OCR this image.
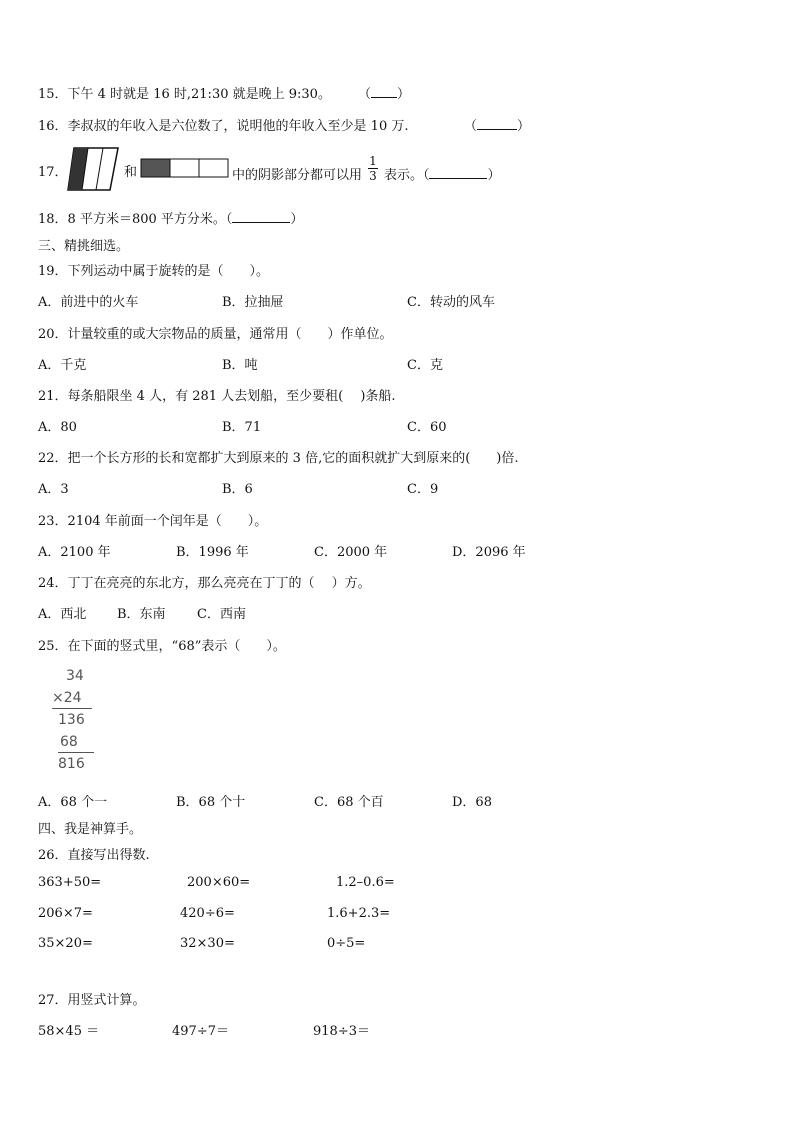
15．下午 4 时就是 16 时,21:30 就是晚上 9:30。 （ ）
16．李叔叔的年收入是六位数了，说明他的年收入至少是 10 万.	（	）
17．	和	中的阴影部分都可以用 $\frac{1}{3}$ 表示。（	）
18．8 平方米＝800 平方分米。（	）
三、精挑细选。
19．下列运动中属于旋转的是（　　）。
A．前进中的火车	B．拉抽屉	C．转动的风车
20．计量较重的或大宗物品的质量，通常用（　　）作单位。
A．千克	B．吨	C．克
21．每条船限坐 4 人，有 281 人去划船，至少要租(　 )条船.
A．80	B．71	C．60
22．把一个长方形的长和宽都扩大到原来的 3 倍,它的面积就扩大到原来的(　　)倍.
A．3	B．6	C．9
23．2104 年前面一个闰年是（　　）。
A．2100 年	B．1996 年	C．2000 年	D．2096 年
24．丁丁在亮亮的东北方，那么亮亮在丁丁的（　 ）方。
A．西北 B．东南 C．西南
25．在下面的竖式里，“68”表示（　　）。
34
×24
136
68
816
A．68 个一	B．68 个十	C．68 个百	D．68
四、我是神算手。
26．直接写出得数.
363+50=	200×60=	1.2–0.6=
206×7=	420÷6=	1.6+2.3=
35×20=	32×30=	0÷5=
27．用竖式计算。
58×45 ＝	497÷7＝	918÷3＝
